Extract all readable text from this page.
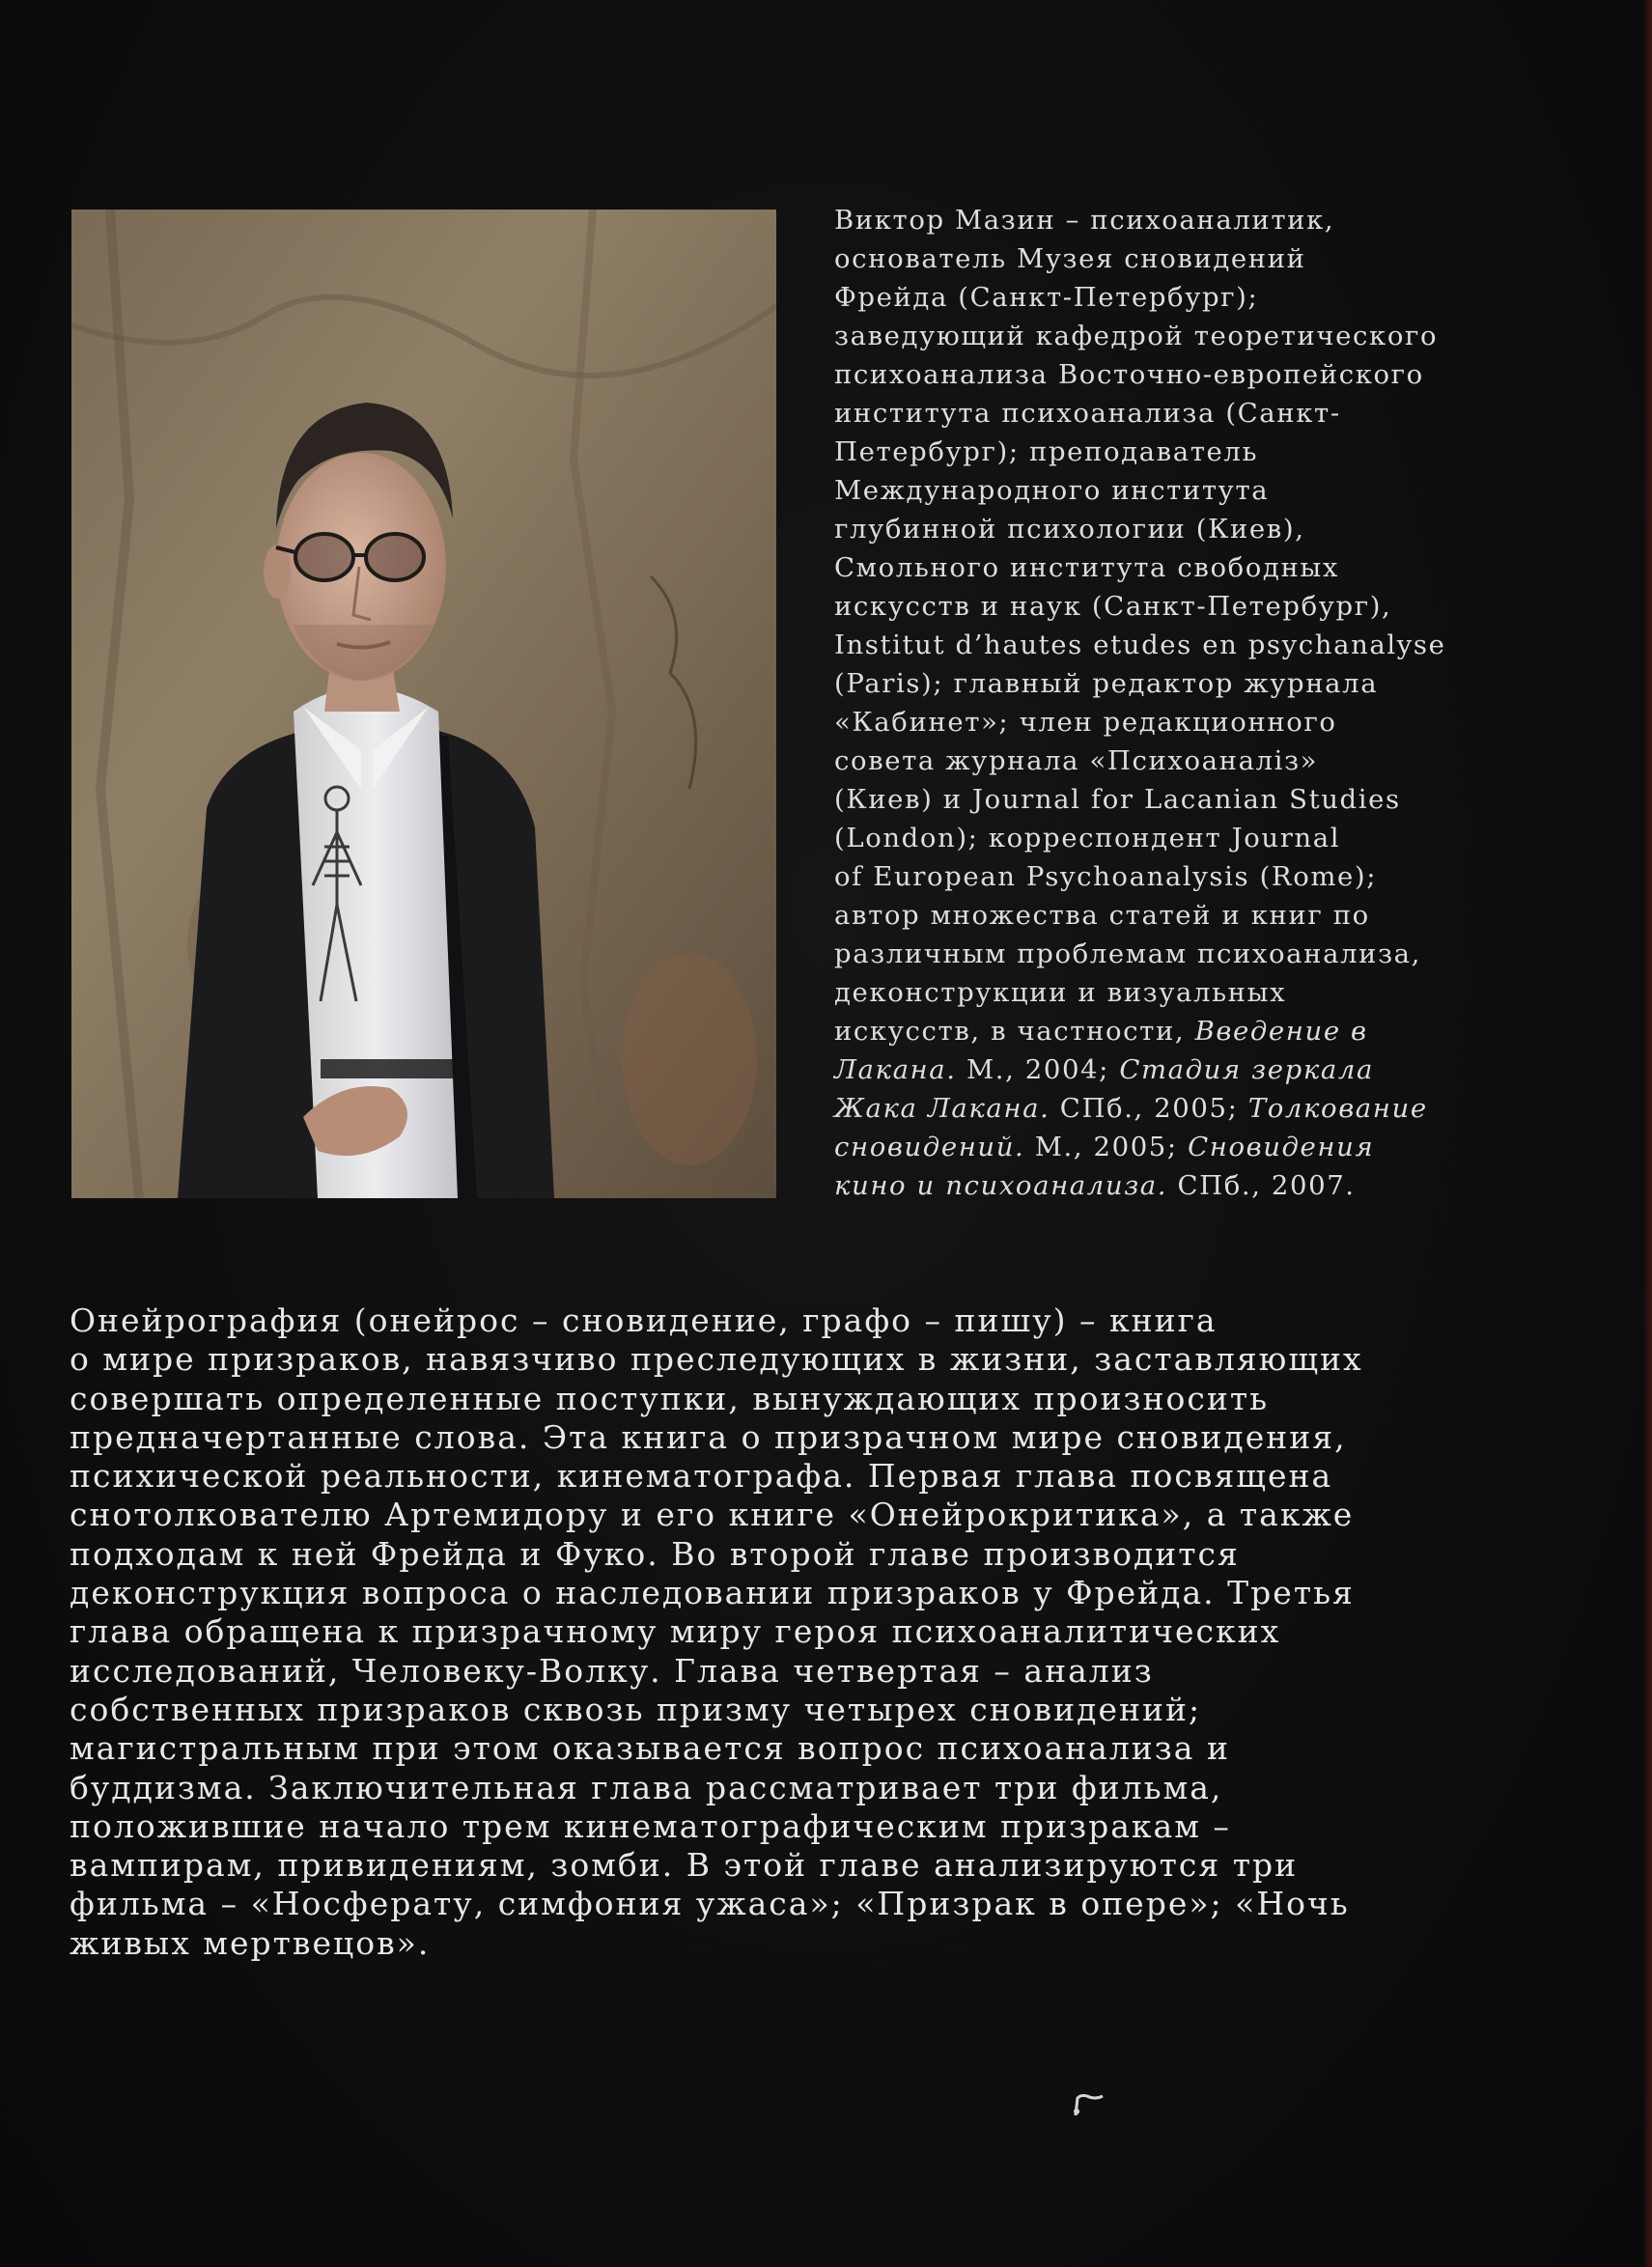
Виктор Мазин – психоаналитик,
основатель Музея сновидений
Фрейда (Санкт-Петербург);
заведующий кафедрой теоретического
психоанализа Восточно-европейского
института психоанализа (Санкт-
Петербург); преподаватель
Международного института
глубинной психологии (Киев),
Смольного института свободных
искусств и наук (Санкт-Петербург),
Institut d’hautes etudes en psychanalyse
(Paris); главный редактор журнала
«Кабинет»; член редакционного
совета журнала «Психоаналіз»
(Киев) и Journal for Lacanian Studies
(London); корреспондент Journal
of European Psychoanalysis (Rome);
автор множества статей и книг по
различным проблемам психоанализа,
деконструкции и визуальных
искусств, в частности, Введение в
Лакана. М., 2004; Стадия зеркала
Жака Лакана. СПб., 2005; Толкование
сновидений. М., 2005; Сновидения
кино и психоанализа. СПб., 2007.
Онейрография (онейрос – сновидение, графо – пишу) – книга
о мире призраков, навязчиво преследующих в жизни, заставляющих
совершать определенные поступки, вынуждающих произносить
предначертанные слова. Эта книга о призрачном мире сновидения,
психической реальности, кинематографа. Первая глава посвящена
снотолкователю Артемидору и его книге «Онейрокритика», а также
подходам к ней Фрейда и Фуко. Во второй главе производится
деконструкция вопроса о наследовании призраков у Фрейда. Третья
глава обращена к призрачному миру героя психоаналитических
исследований, Человеку-Волку. Глава четвертая – анализ
собственных призраков сквозь призму четырех сновидений;
магистральным при этом оказывается вопрос психоанализа и
буддизма. Заключительная глава рассматривает три фильма,
положившие начало трем кинематографическим призракам –
вампирам, привидениям, зомби. В этой главе анализируются три
фильма – «Носферату, симфония ужаса»; «Призрак в опере»; «Ночь
живых мертвецов».
